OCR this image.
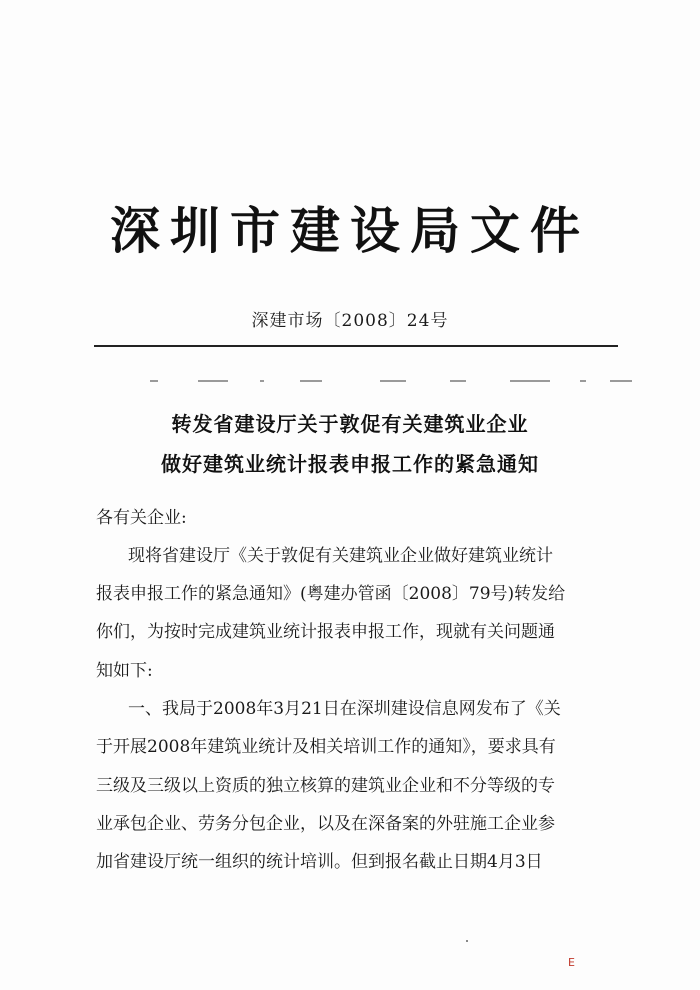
深圳市建设局文件
深建市场〔2008〕24号
转发省建设厅关于敦促有关建筑业企业
做好建筑业统计报表申报工作的紧急通知
各有关企业:
现将省建设厅《关于敦促有关建筑业企业做好建筑业统计
报表申报工作的紧急通知》(粤建办管函〔2008〕79号)转发给
你们，为按时完成建筑业统计报表申报工作，现就有关问题通
知如下:
一、我局于2008年3月21日在深圳建设信息网发布了《关
于开展2008年建筑业统计及相关培训工作的通知》，要求具有
三级及三级以上资质的独立核算的建筑业企业和不分等级的专
业承包企业、劳务分包企业，以及在深备案的外驻施工企业参
加省建设厅统一组织的统计培训。但到报名截止日期4月3日
E
